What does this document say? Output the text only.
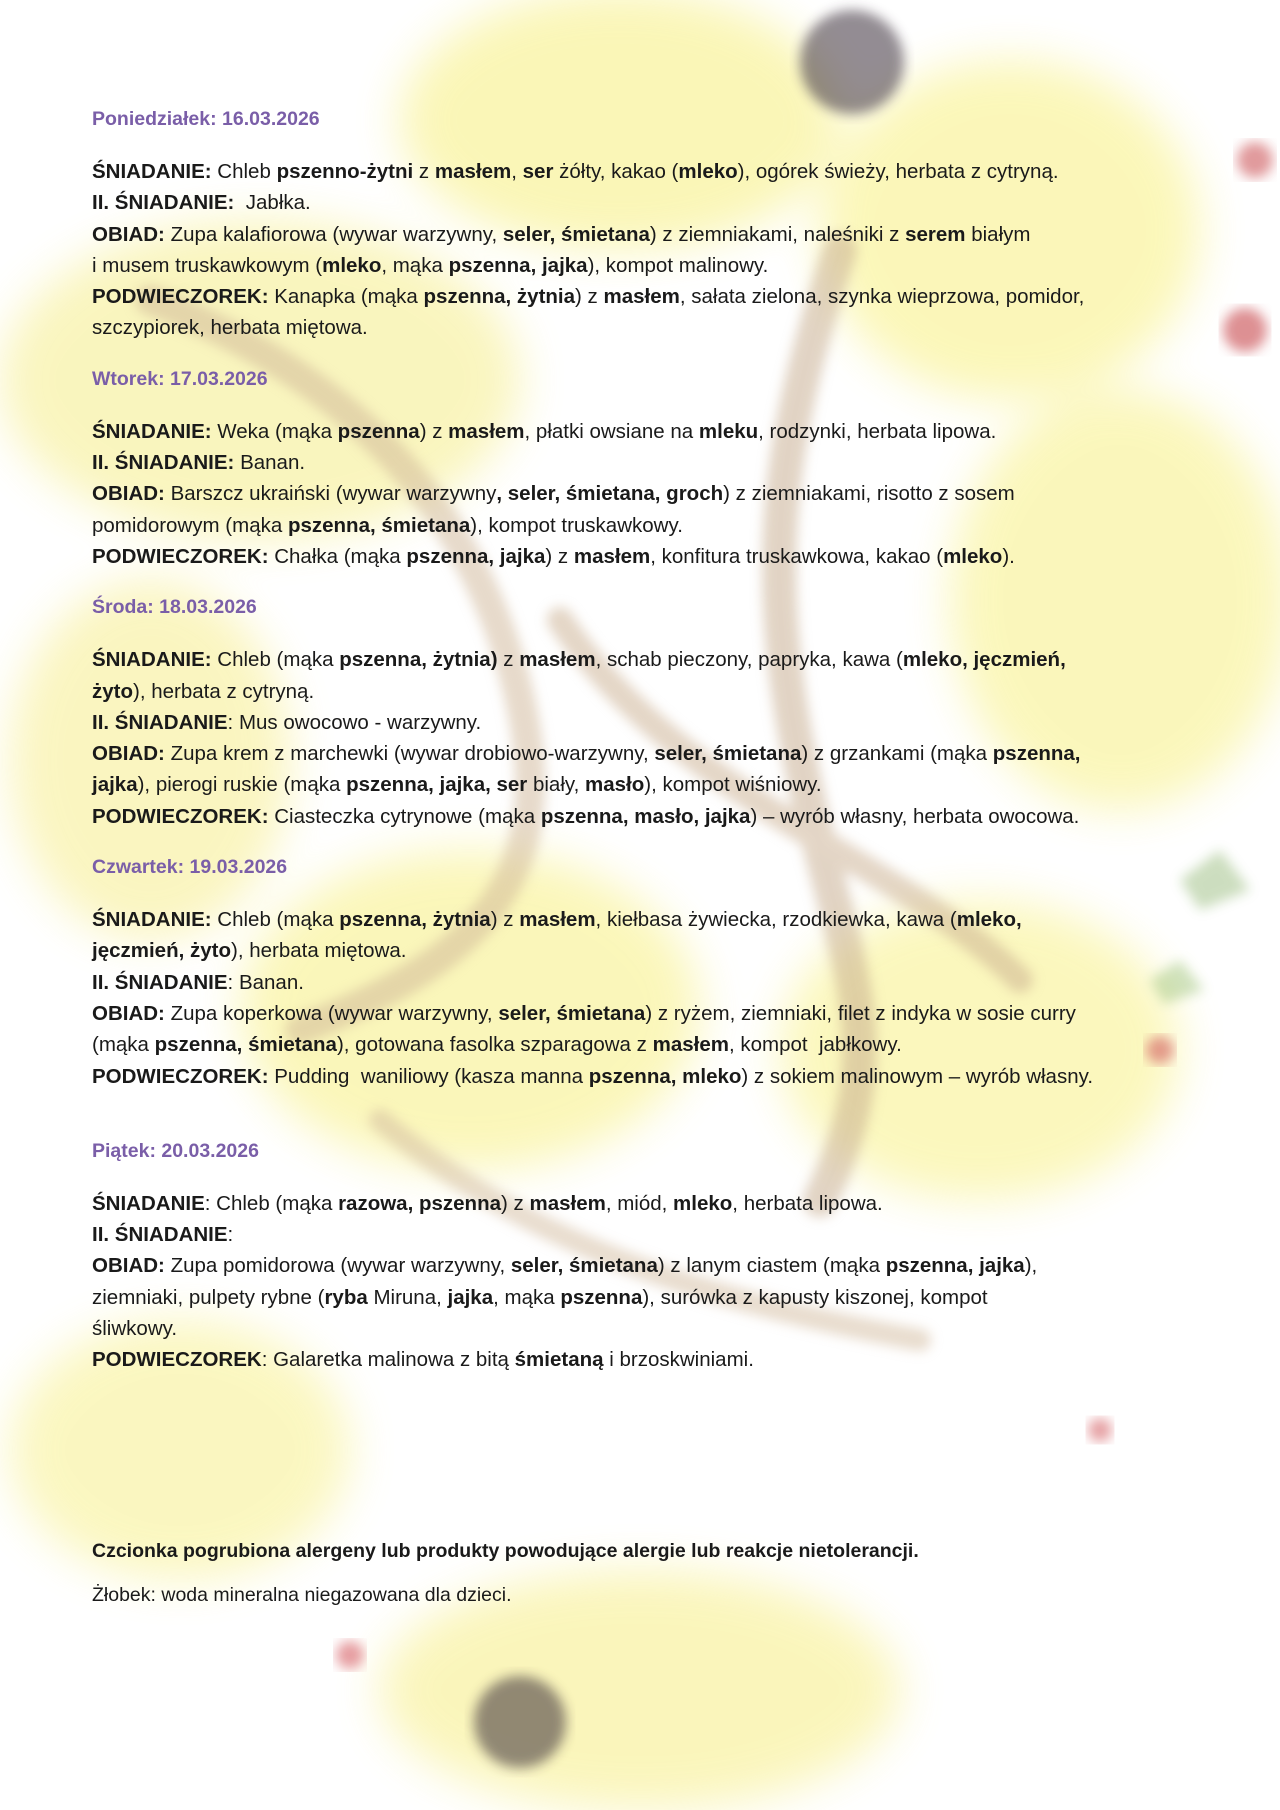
Poniedziałek: 16.03.2026

ŚNIADANIE: Chleb pszenno-żytni z masłem, ser żółty, kakao (mleko), ogórek świeży, herbata z cytryną.

II. ŚNIADANIE:  Jabłka.

OBIAD: Zupa kalafiorowa (wywar warzywny, seler, śmietana) z ziemniakami, naleśniki z serem białym
i musem truskawkowym (mleko, mąka pszenna, jajka), kompot malinowy.

PODWIECZOREK: Kanapka (mąka pszenna, żytnia) z masłem, sałata zielona, szynka wieprzowa, pomidor,
szczypiorek, herbata miętowa.

Wtorek: 17.03.2026

ŚNIADANIE: Weka (mąka pszenna) z masłem, płatki owsiane na mleku, rodzynki, herbata lipowa.

II. ŚNIADANIE: Banan.

OBIAD: Barszcz ukraiński (wywar warzywny, seler, śmietana, groch) z ziemniakami, risotto z sosem
pomidorowym (mąka pszenna, śmietana), kompot truskawkowy.

PODWIECZOREK: Chałka (mąka pszenna, jajka) z masłem, konfitura truskawkowa, kakao (mleko).

Środa: 18.03.2026

ŚNIADANIE: Chleb (mąka pszenna, żytnia) z masłem, schab pieczony, papryka, kawa (mleko, jęczmień,
żyto), herbata z cytryną.

II. ŚNIADANIE: Mus owocowo - warzywny.

OBIAD: Zupa krem z marchewki (wywar drobiowo-warzywny, seler, śmietana) z grzankami (mąka pszenna,
jajka), pierogi ruskie (mąka pszenna, jajka, ser biały, masło), kompot wiśniowy.

PODWIECZOREK: Ciasteczka cytrynowe (mąka pszenna, masło, jajka) – wyrób własny, herbata owocowa.

Czwartek: 19.03.2026

ŚNIADANIE: Chleb (mąka pszenna, żytnia) z masłem, kiełbasa żywiecka, rzodkiewka, kawa (mleko,
jęczmień, żyto), herbata miętowa.

II. ŚNIADANIE: Banan.

OBIAD: Zupa koperkowa (wywar warzywny, seler, śmietana) z ryżem, ziemniaki, filet z indyka w sosie curry
(mąka pszenna, śmietana), gotowana fasolka szparagowa z masłem, kompot  jabłkowy.

PODWIECZOREK: Pudding  waniliowy (kasza manna pszenna, mleko) z sokiem malinowym – wyrób własny.

Piątek: 20.03.2026

ŚNIADANIE: Chleb (mąka razowa, pszenna) z masłem, miód, mleko, herbata lipowa.

II. ŚNIADANIE:

OBIAD: Zupa pomidorowa (wywar warzywny, seler, śmietana) z lanym ciastem (mąka pszenna, jajka),
ziemniaki, pulpety rybne (ryba Miruna, jajka, mąka pszenna), surówka z kapusty kiszonej, kompot
śliwkowy.

PODWIECZOREK: Galaretka malinowa z bitą śmietaną i brzoskwiniami.

Czcionka pogrubiona alergeny lub produkty powodujące alergie lub reakcje nietolerancji.

Żłobek: woda mineralna niegazowana dla dzieci.
